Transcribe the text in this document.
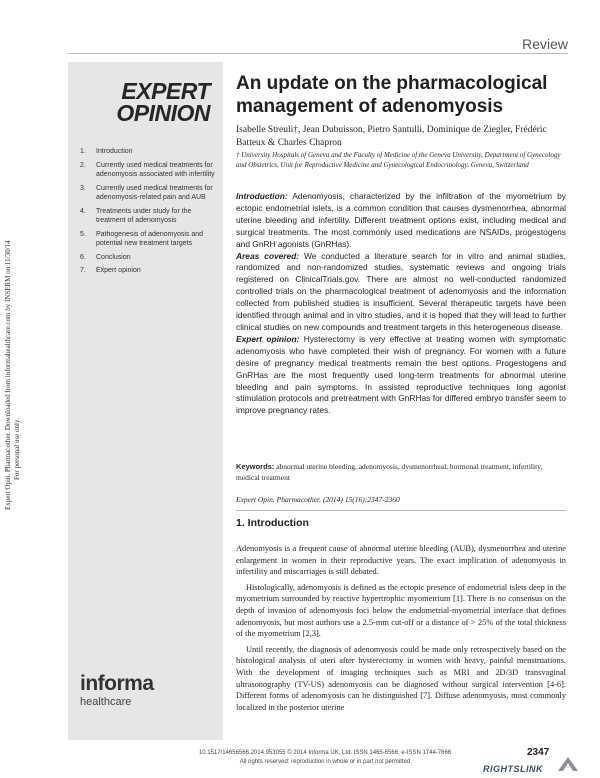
Review
Expert Opin. Pharmacother. Downloaded from informahealthcare.com by INSERM on 11/30/14 For personal use only.
EXPERT
OPINION
1.	Introduction
2.	Currently used medical treatments for adenomyosis associated with infertility
3.	Currently used medical treatments for adenomyosis-related pain and AUB
4.	Treatments under study for the treatment of adenomyosis
5.	Pathogenesis of adenomyosis and potential new treatment targets
6.	Conclusion
7.	Expert opinion
informa
healthcare
An update on the pharmacological management of adenomyosis
Isabelle Streuli†, Jean Dubuisson, Pietro Santulli, Dominique de Ziegler, Frédéric Batteux & Charles Chapron
† University Hospitals of Geneva and the Faculty of Medicine of the Geneva University, Department of Gynecology and Obstetrics, Unit for Reproductive Medicine and Gynecological Endocrinology, Geneva, Switzerland

Introduction: Adenomyosis, characterized by the infiltration of the myometrium by ectopic endometrial islets, is a common condition that causes dysmenorrhea, abnormal uterine bleeding and infertility. Different treatment options exist, including medical and surgical treatments. The most commonly used medications are NSAIDs, progestogens and GnRH agonists (GnRHas).

Areas covered: We conducted a literature search for in vitro and animal studies, randomized and non-randomized studies, systematic reviews and ongoing trials registered on ClinicalTrials.gov. There are almost no well-conducted randomized controlled trials on the pharmacological treatment of adenomyosis and the information collected from published studies is insufficient. Several therapeutic targets have been identified through animal and in vitro studies, and it is hoped that they will lead to further clinical studies on new compounds and treatment targets in this heterogeneous disease.

Expert opinion: Hysterectomy is very effective at treating women with symptomatic adenomyosis who have completed their wish of pregnancy. For women with a future desire of pregnancy medical treatments remain the best options. Progestogens and GnRHas are the most frequently used long-term treatments for abnormal uterine bleeding and pain symptoms. In assisted reproductive techniques long agonist stimulation protocols and pretreatment with GnRHas for differed embryo transfer seem to improve pregnancy rates.

Keywords: abnormal uterine bleeding, adenomyosis, dysmenorrheal, hormonal treatment, infertility, medical treatment
Expert Opin. Pharmacother. (2014) 15(16):2347-2360
1. Introduction

Adenomyosis is a frequent cause of abnormal uterine bleeding (AUB), dysmenorrhea and uterine enlargement in women in their reproductive years. The exact implication of adenomyosis in infertility and miscarriages is still debated.

Histologically, adenomyosis is defined as the ectopic presence of endometrial islets deep in the myometrium surrounded by reactive hypertrophic myometrium [1]. There is no consensus on the depth of invasion of adenomyosis foci below the endometrial-myometrial interface that defines adenomyosis, but most authors use a 2.5-mm cut-off or a distance of > 25% of the total thickness of the myometrium [2,3].

Until recently, the diagnosis of adenomyosis could be made only retrospectively based on the histological analysis of uteri after hysterectomy in women with heavy, painful menstruations. With the development of imaging techniques such as MRI and 2D/3D transvaginal ultrasonography (TV-US) adenomyosis can be diagnosed without surgical intervention [4-6]. Different forms of adenomyosis can be distinguished [7]. Diffuse adenomyosis, most commonly localized in the posterior uterine

10.1517/14656566.2014.953055 © 2014 Informa UK, Ltd. ISSN 1465-6566, e-ISSN 1744-7666
All rights reserved: reproduction in whole or in part not permitted
2347
RIGHTSLINK
